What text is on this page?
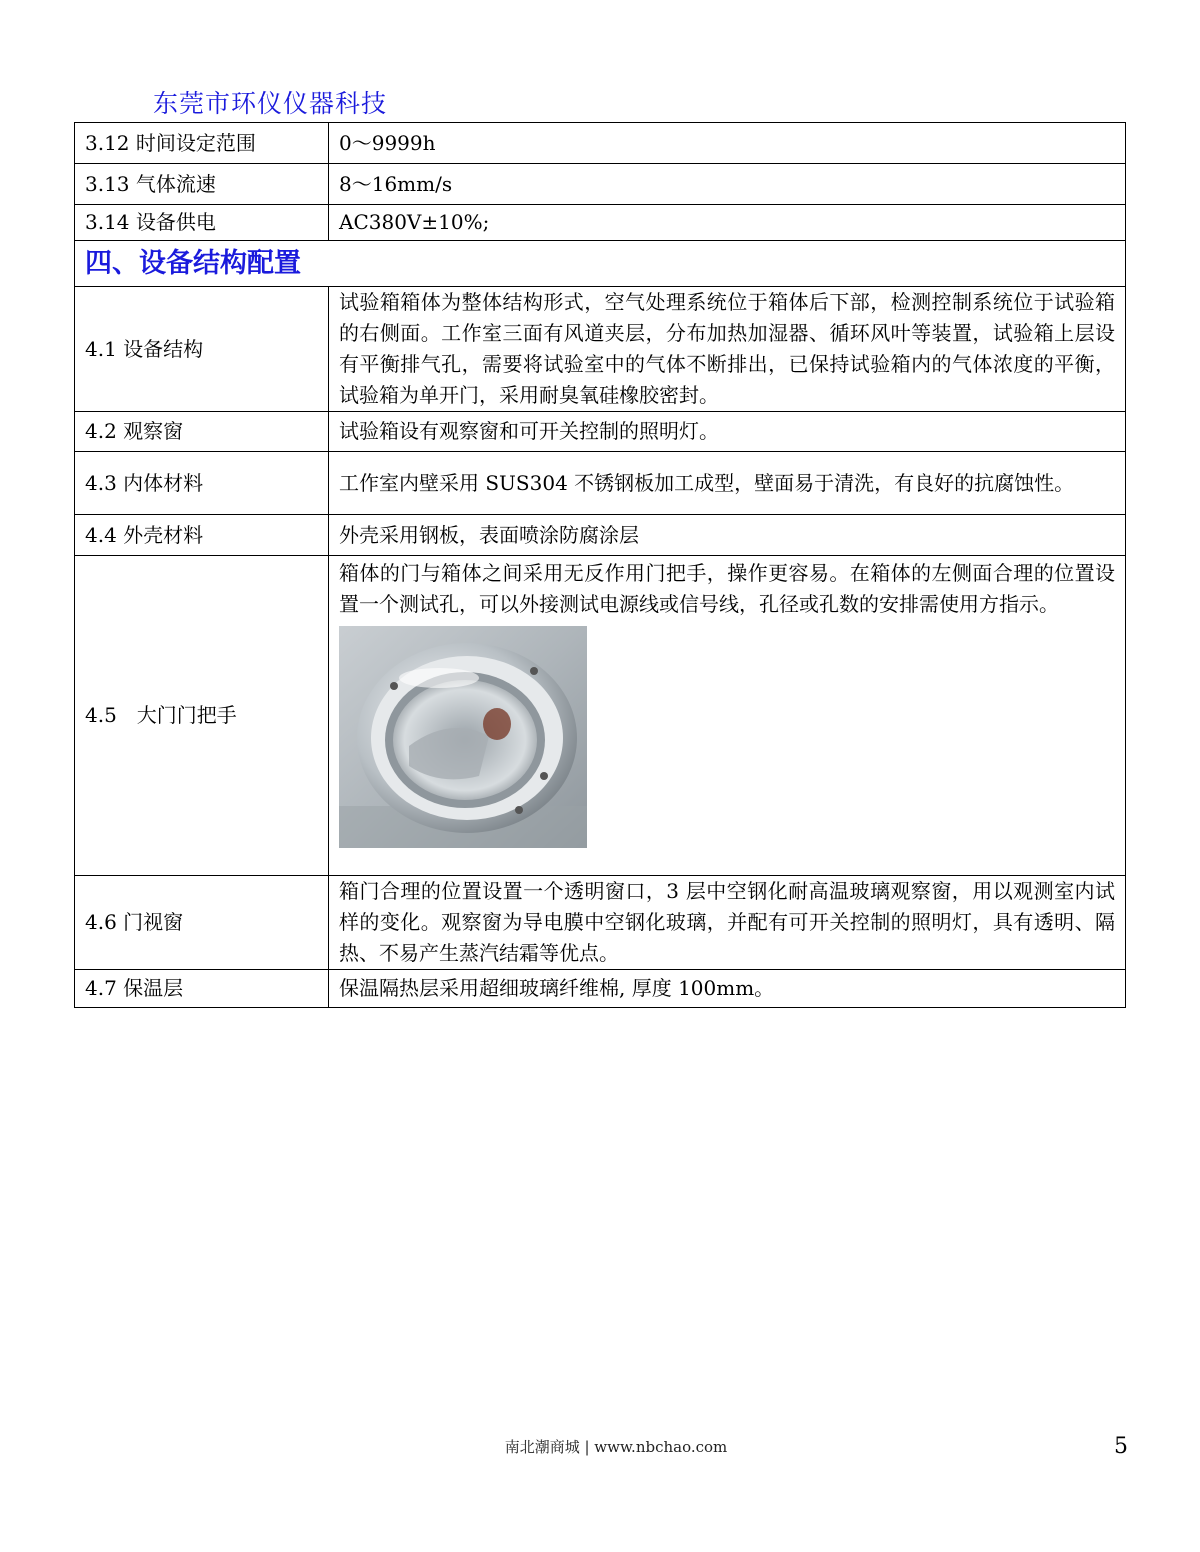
东莞市环仪仪器科技
3.12 时间设定范围	0～9999h
3.13 气体流速	8～16mm/s
3.14 设备供电	AC380V±10%;
四、设备结构配置	
4.1 设备结构	试验箱箱体为整体结构形式，空气处理系统位于箱体后下部，检测控制系统位于试验箱的右侧面。工作室三面有风道夹层，分布加热加湿器、循环风叶等装置，试验箱上层设有平衡排气孔，需要将试验室中的气体不断排出，已保持试验箱内的气体浓度的平衡，试验箱为单开门，采用耐臭氧硅橡胶密封。
4.2 观察窗	试验箱设有观察窗和可开关控制的照明灯。
4.3 内体材料	工作室内壁采用 SUS304 不锈钢板加工成型，壁面易于清洗，有良好的抗腐蚀性。
4.4 外壳材料	外壳采用钢板，表面喷涂防腐涂层
4.5　大门门把手	箱体的门与箱体之间采用无反作用门把手，操作更容易。在箱体的左侧面合理的位置设置一个测试孔，可以外接测试电源线或信号线，孔径或孔数的安排需使用方指示。

4.6 门视窗	箱门合理的位置设置一个透明窗口，3 层中空钢化耐高温玻璃观察窗，用以观测室内试样的变化。观察窗为导电膜中空钢化玻璃，并配有可开关控制的照明灯，具有透明、隔热、不易产生蒸汽结霜等优点。
4.7 保温层	保温隔热层采用超细玻璃纤维棉, 厚度 100mm。
南北潮商城 | www.nbchao.com	5
